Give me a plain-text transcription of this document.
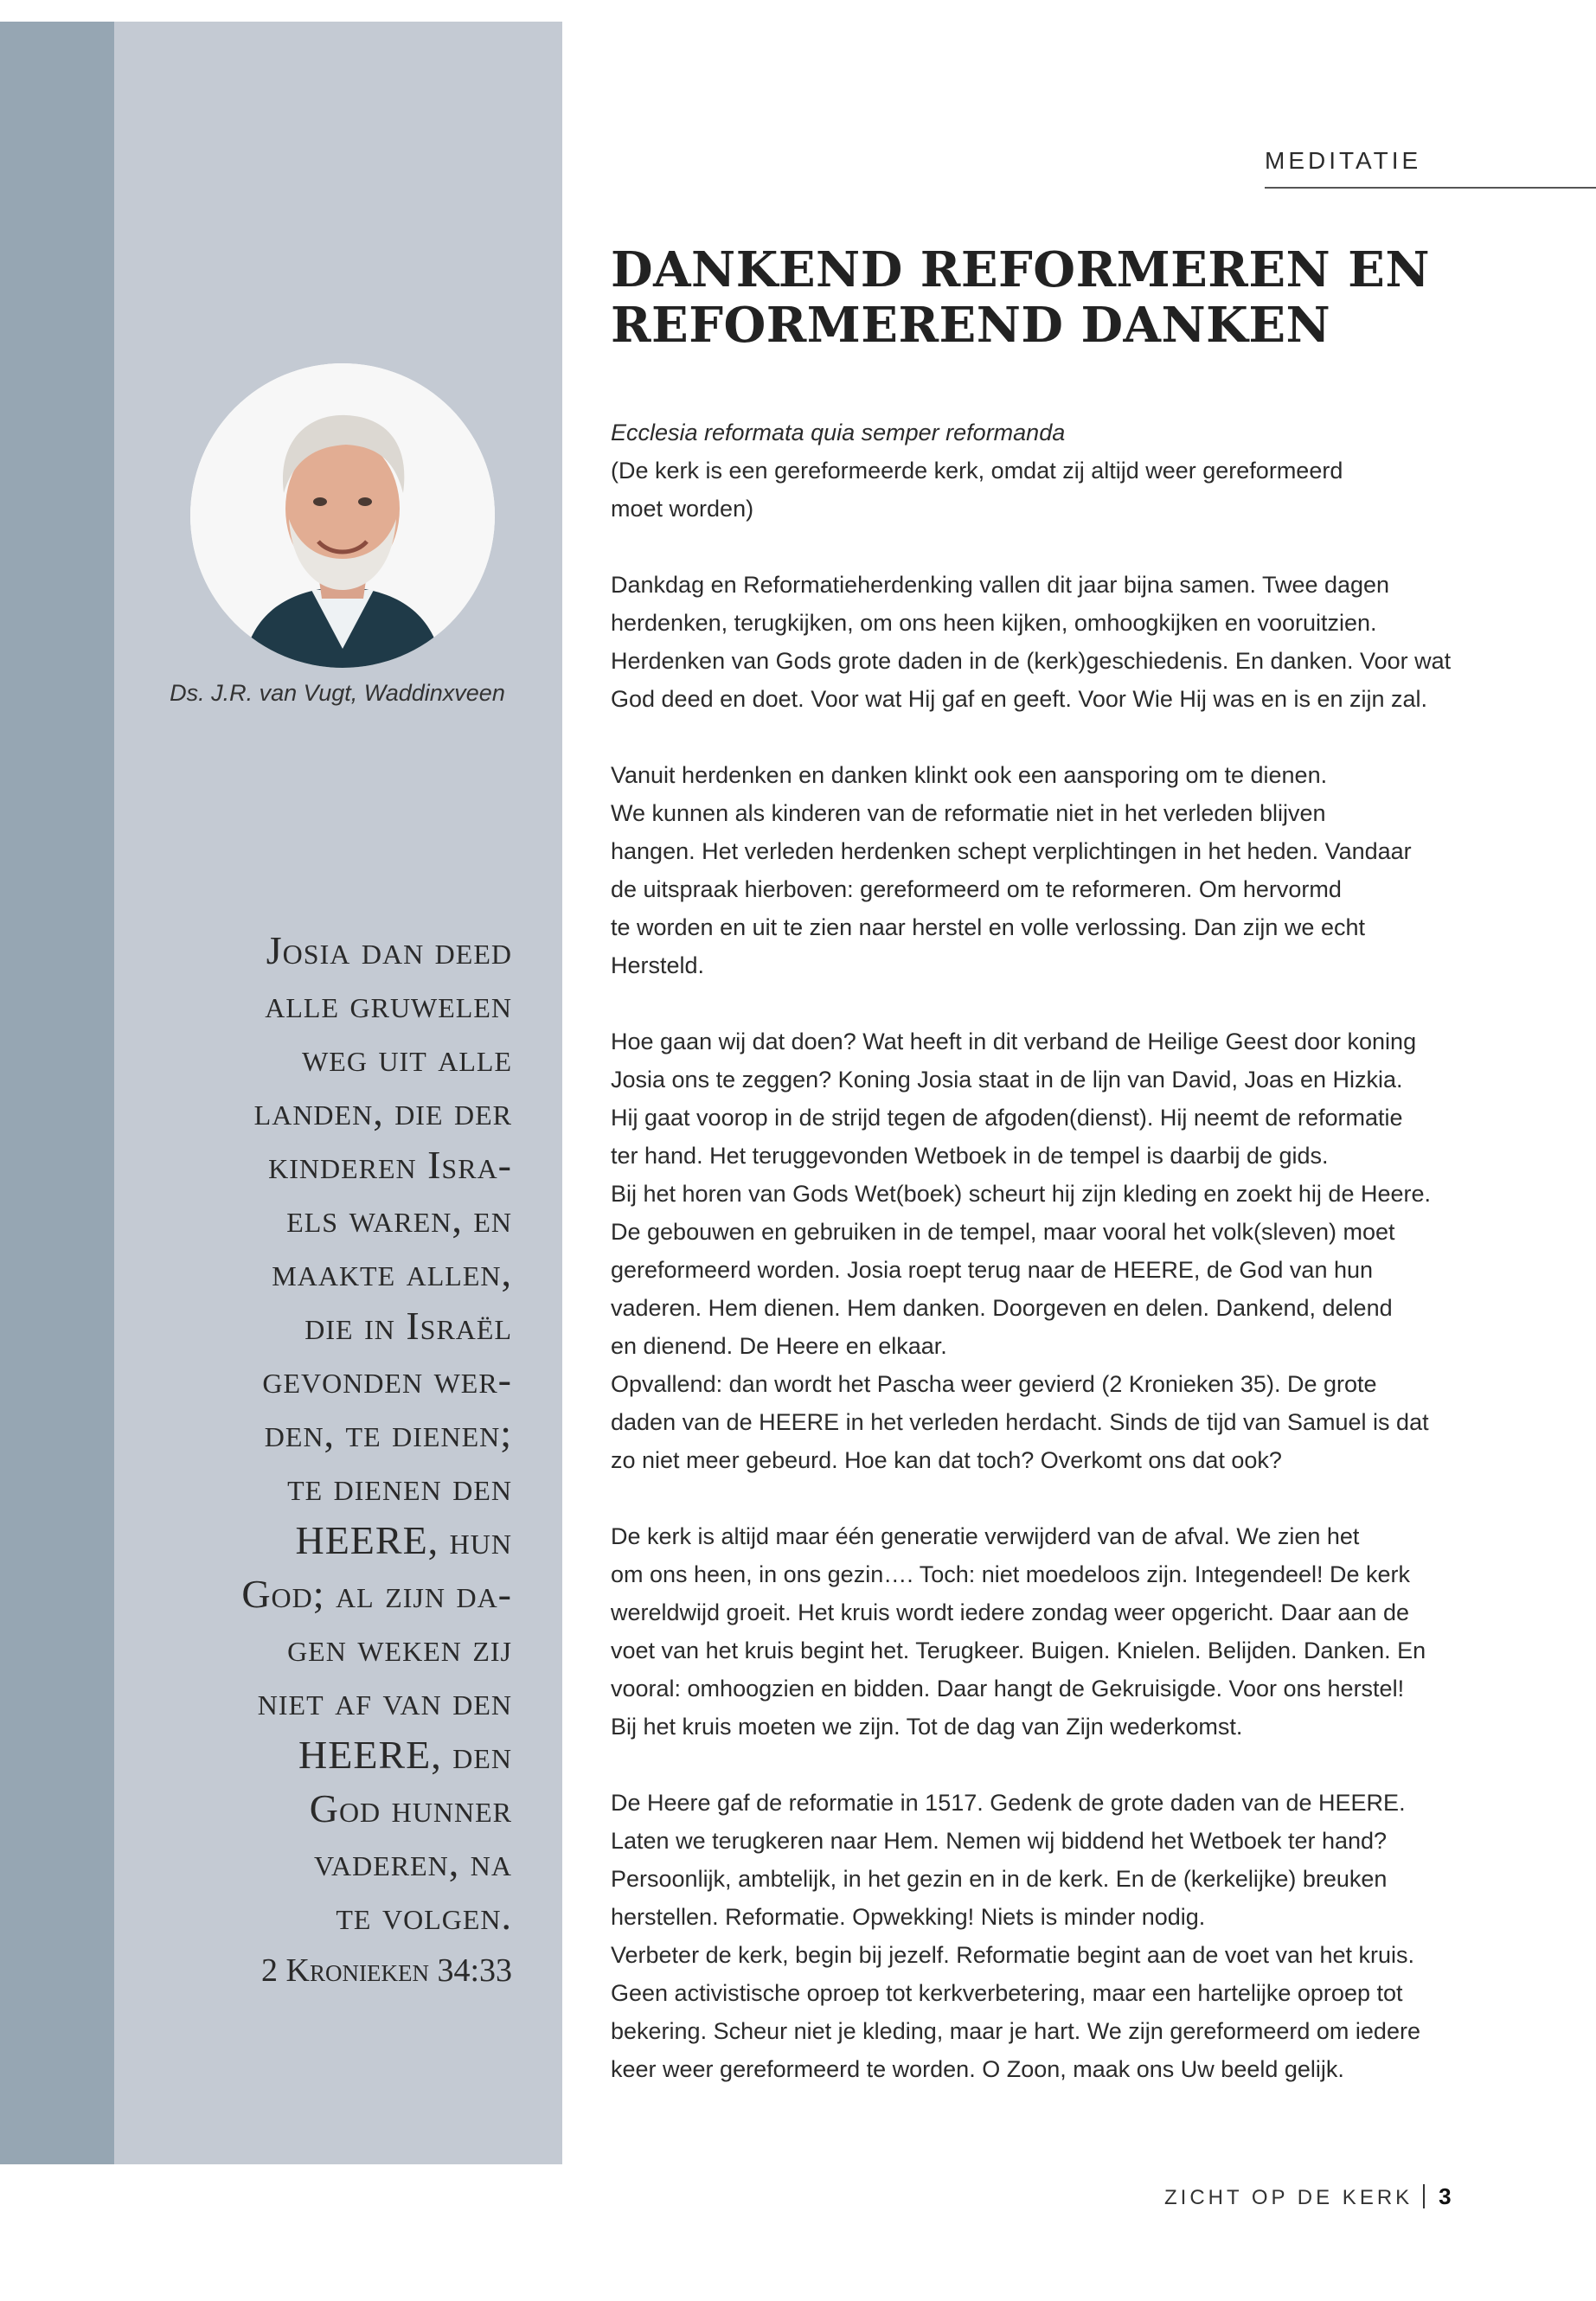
MEDITATIE
DANKEND REFORMEREN EN
REFORMEREND DANKEN
Ds. J.R. van Vugt, Waddinxveen
Josia dan deed
alle gruwelen
weg uit alle
landen, die der
kinderen Isra-
els waren, en
maakte allen,
die in Israël
gevonden wer-
den, te dienen;
te dienen den
HEERE, hun
God; al zijn da-
gen weken zij
niet af van den
HEERE, den
God hunner
vaderen, na
te volgen.
2 Kronieken 34:33
Ecclesia reformata quia semper reformanda
(De kerk is een gereformeerde kerk, omdat zij altijd weer gereformeerd
moet worden)
Dankdag en Reformatieherdenking vallen dit jaar bijna samen. Twee dagen
herdenken, terugkijken, om ons heen kijken, omhoogkijken en vooruitzien.
Herdenken van Gods grote daden in de (kerk)geschiedenis. En danken. Voor wat
God deed en doet. Voor wat Hij gaf en geeft. Voor Wie Hij was en is en zijn zal.
Vanuit herdenken en danken klinkt ook een aansporing om te dienen.
We kunnen als kinderen van de reformatie niet in het verleden blijven
hangen. Het verleden herdenken schept verplichtingen in het heden. Vandaar
de uitspraak hierboven: gereformeerd om te reformeren. Om hervormd
te worden en uit te zien naar herstel en volle verlossing. Dan zijn we echt
Hersteld.
Hoe gaan wij dat doen? Wat heeft in dit verband de Heilige Geest door koning
Josia ons te zeggen? Koning Josia staat in de lijn van David, Joas en Hizkia.
Hij gaat voorop in de strijd tegen de afgoden(dienst). Hij neemt de reformatie
ter hand. Het teruggevonden Wetboek in de tempel is daarbij de gids.
Bij het horen van Gods Wet(boek) scheurt hij zijn kleding en zoekt hij de Heere.
De gebouwen en gebruiken in de tempel, maar vooral het volk(sleven) moet
gereformeerd worden. Josia roept terug naar de HEERE, de God van hun
vaderen. Hem dienen. Hem danken. Doorgeven en delen. Dankend, delend
en dienend. De Heere en elkaar.
Opvallend: dan wordt het Pascha weer gevierd (2 Kronieken 35). De grote
daden van de HEERE in het verleden herdacht. Sinds de tijd van Samuel is dat
zo niet meer gebeurd. Hoe kan dat toch? Overkomt ons dat ook?
De kerk is altijd maar één generatie verwijderd van de afval. We zien het
om ons heen, in ons gezin…. Toch: niet moedeloos zijn. Integendeel! De kerk
wereldwijd groeit. Het kruis wordt iedere zondag weer opgericht. Daar aan de
voet van het kruis begint het. Terugkeer. Buigen. Knielen. Belijden. Danken. En
vooral: omhoogzien en bidden. Daar hangt de Gekruisigde. Voor ons herstel!
Bij het kruis moeten we zijn. Tot de dag van Zijn wederkomst.
De Heere gaf de reformatie in 1517. Gedenk de grote daden van de HEERE.
Laten we terugkeren naar Hem. Nemen wij biddend het Wetboek ter hand?
Persoonlijk, ambtelijk, in het gezin en in de kerk. En de (kerkelijke) breuken
herstellen. Reformatie. Opwekking! Niets is minder nodig.
Verbeter de kerk, begin bij jezelf. Reformatie begint aan de voet van het kruis.
Geen activistische oproep tot kerkverbetering, maar een hartelijke oproep tot
bekering. Scheur niet je kleding, maar je hart. We zijn gereformeerd om iedere
keer weer gereformeerd te worden. O Zoon, maak ons Uw beeld gelijk.
ZICHT OP DE KERK 3
